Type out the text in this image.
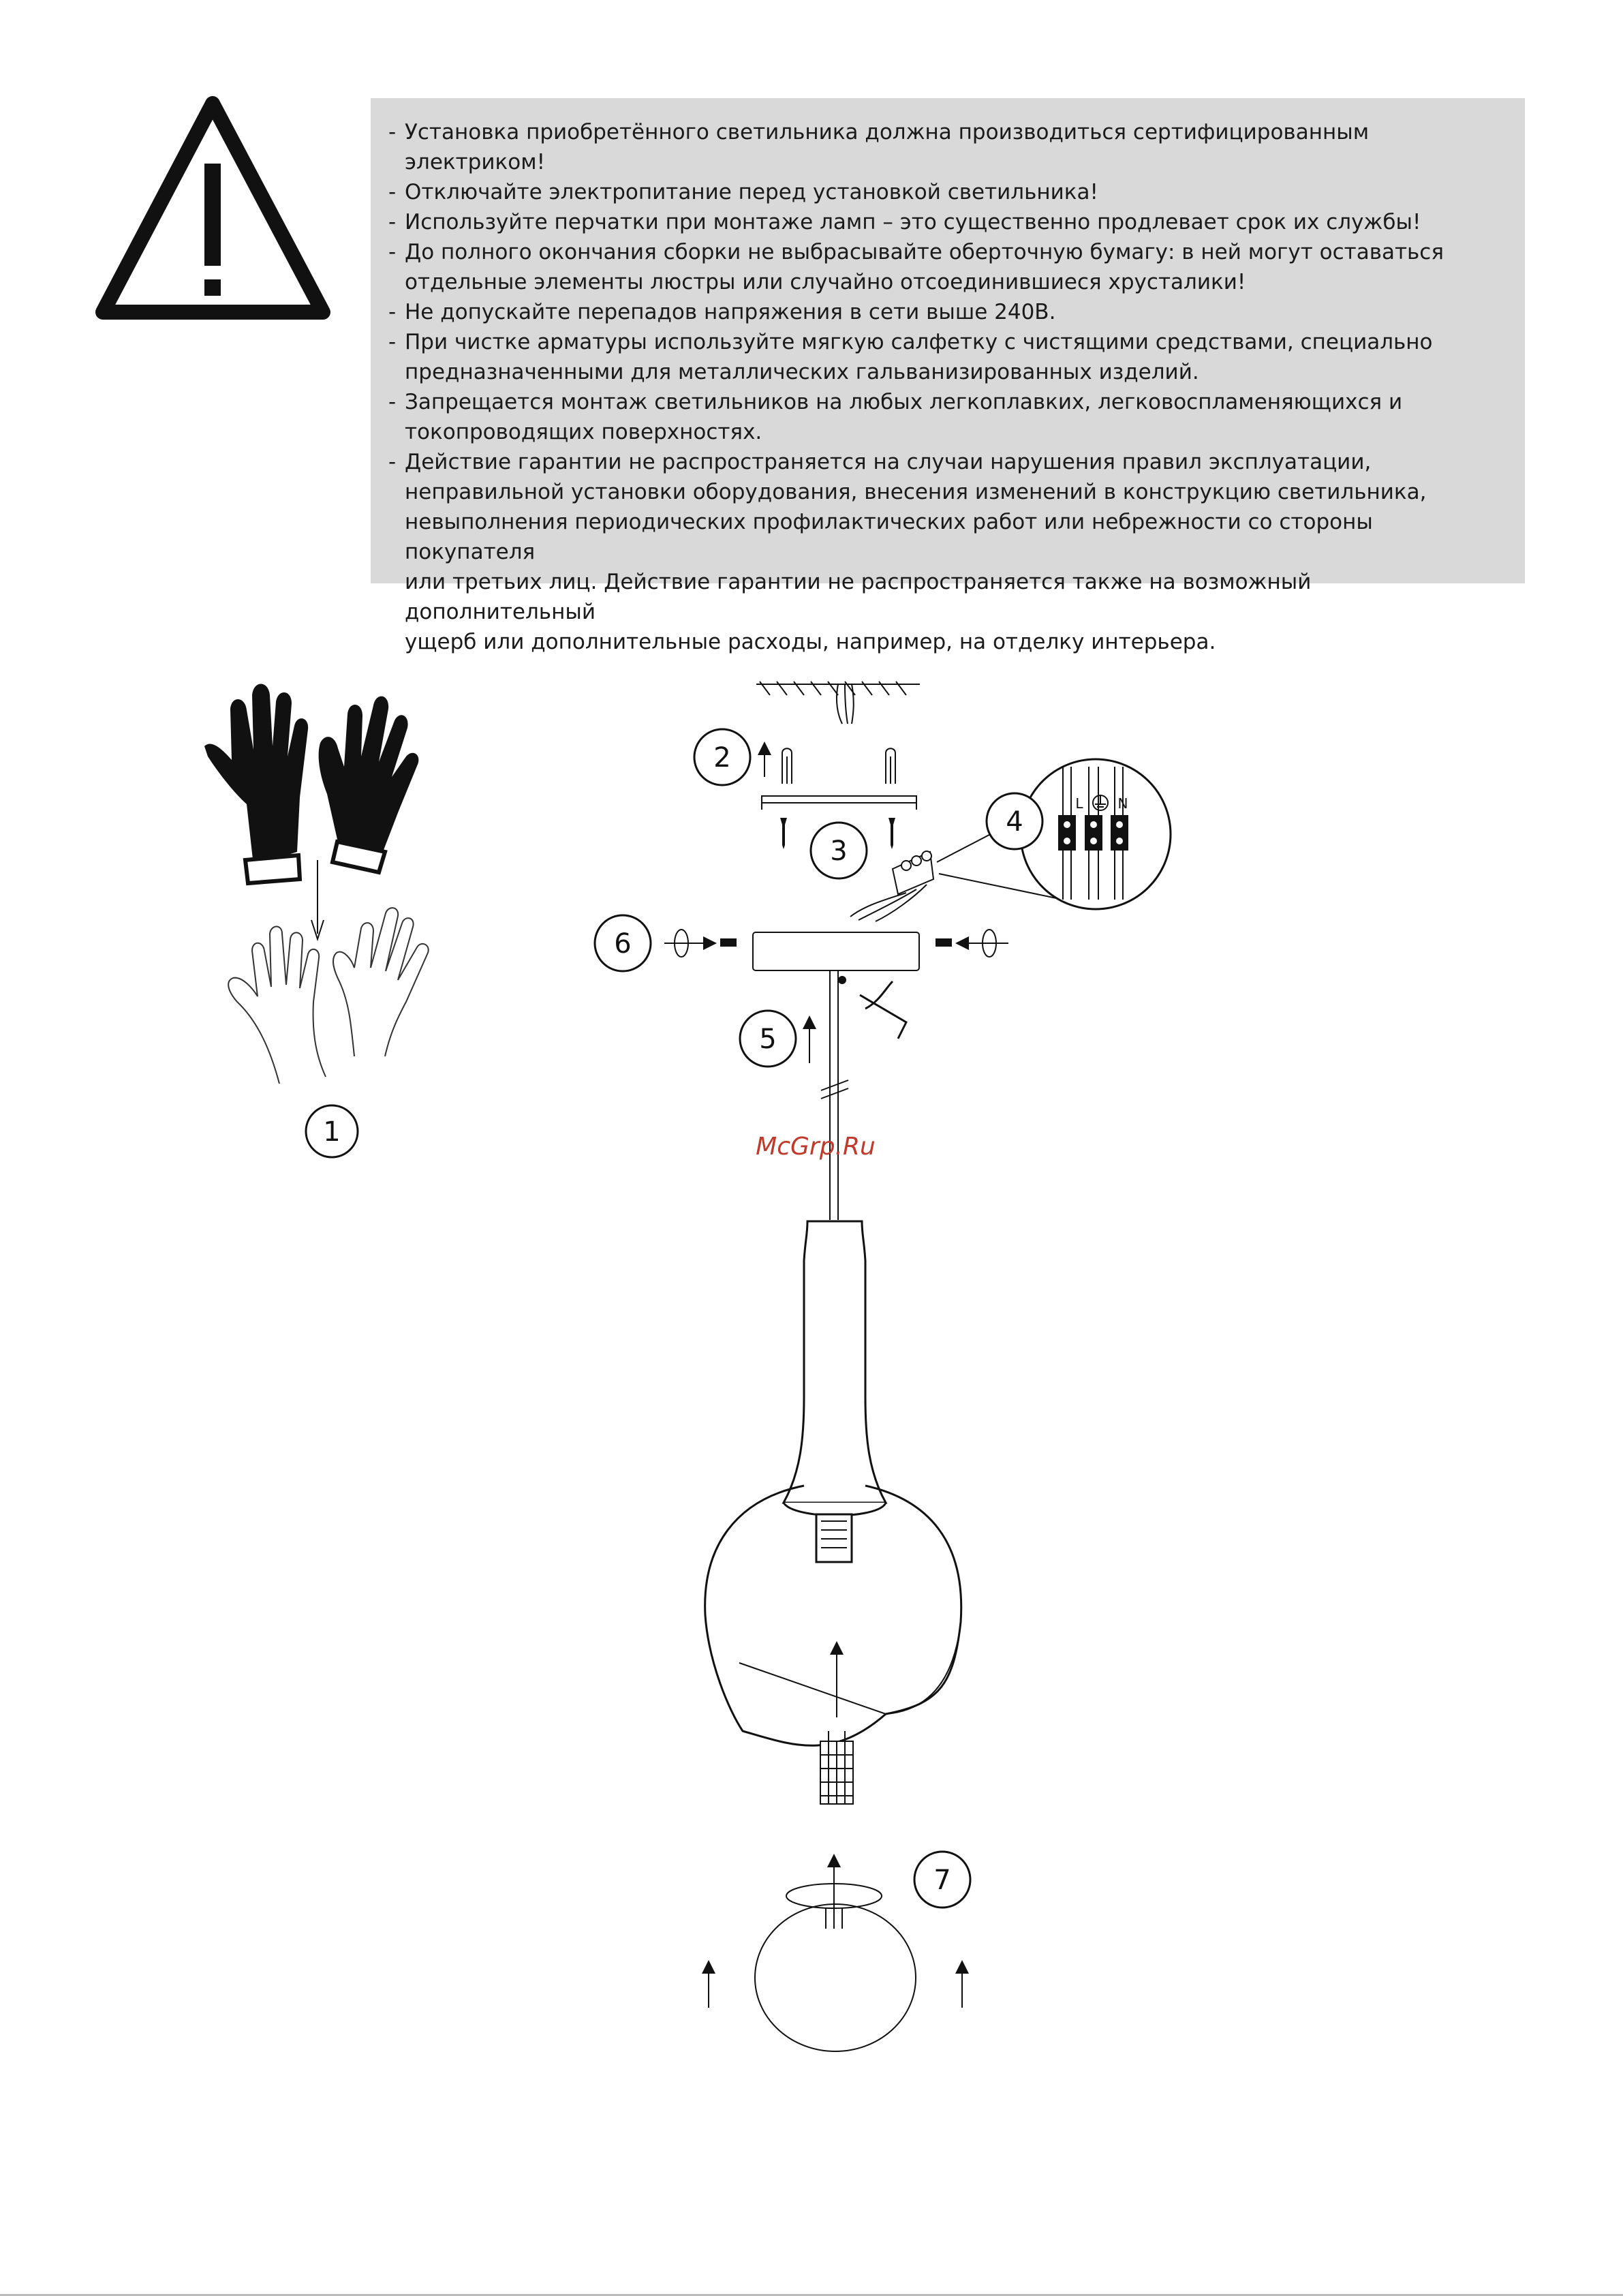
- Установка приобретённого светильника должна производиться сертифицированным электриком!
- Отключайте электропитание перед установкой светильника!
- Используйте перчатки при монтаже ламп – это существенно продлевает срок их службы!
- До полного окончания сборки не выбрасывайте оберточную бумагу: в ней могут оставаться
отдельные элементы люстры или случайно отсоединившиеся хрусталики!
- Не допускайте перепадов напряжения в сети выше 240В.
- При чистке арматуры используйте мягкую салфетку с чистящими средствами, специально
предназначенными для металлических гальванизированных изделий.
- Запрещается монтаж светильников на любых легкоплавких, легковоспламеняющихся и
токопроводящих поверхностях.
- Действие гарантии не распространяется на случаи нарушения правил эксплуатации,
неправильной установки оборудования, внесения изменений в конструкцию светильника,
невыполнения периодических профилактических работ или небрежности со стороны покупателя
или третьих лиц. Действие гарантии не распространяется также на возможный дополнительный
ущерб или дополнительные расходы, например, на отделку интерьера.
L	N
McGrp.Ru
1
2
3
4
5
6
7
